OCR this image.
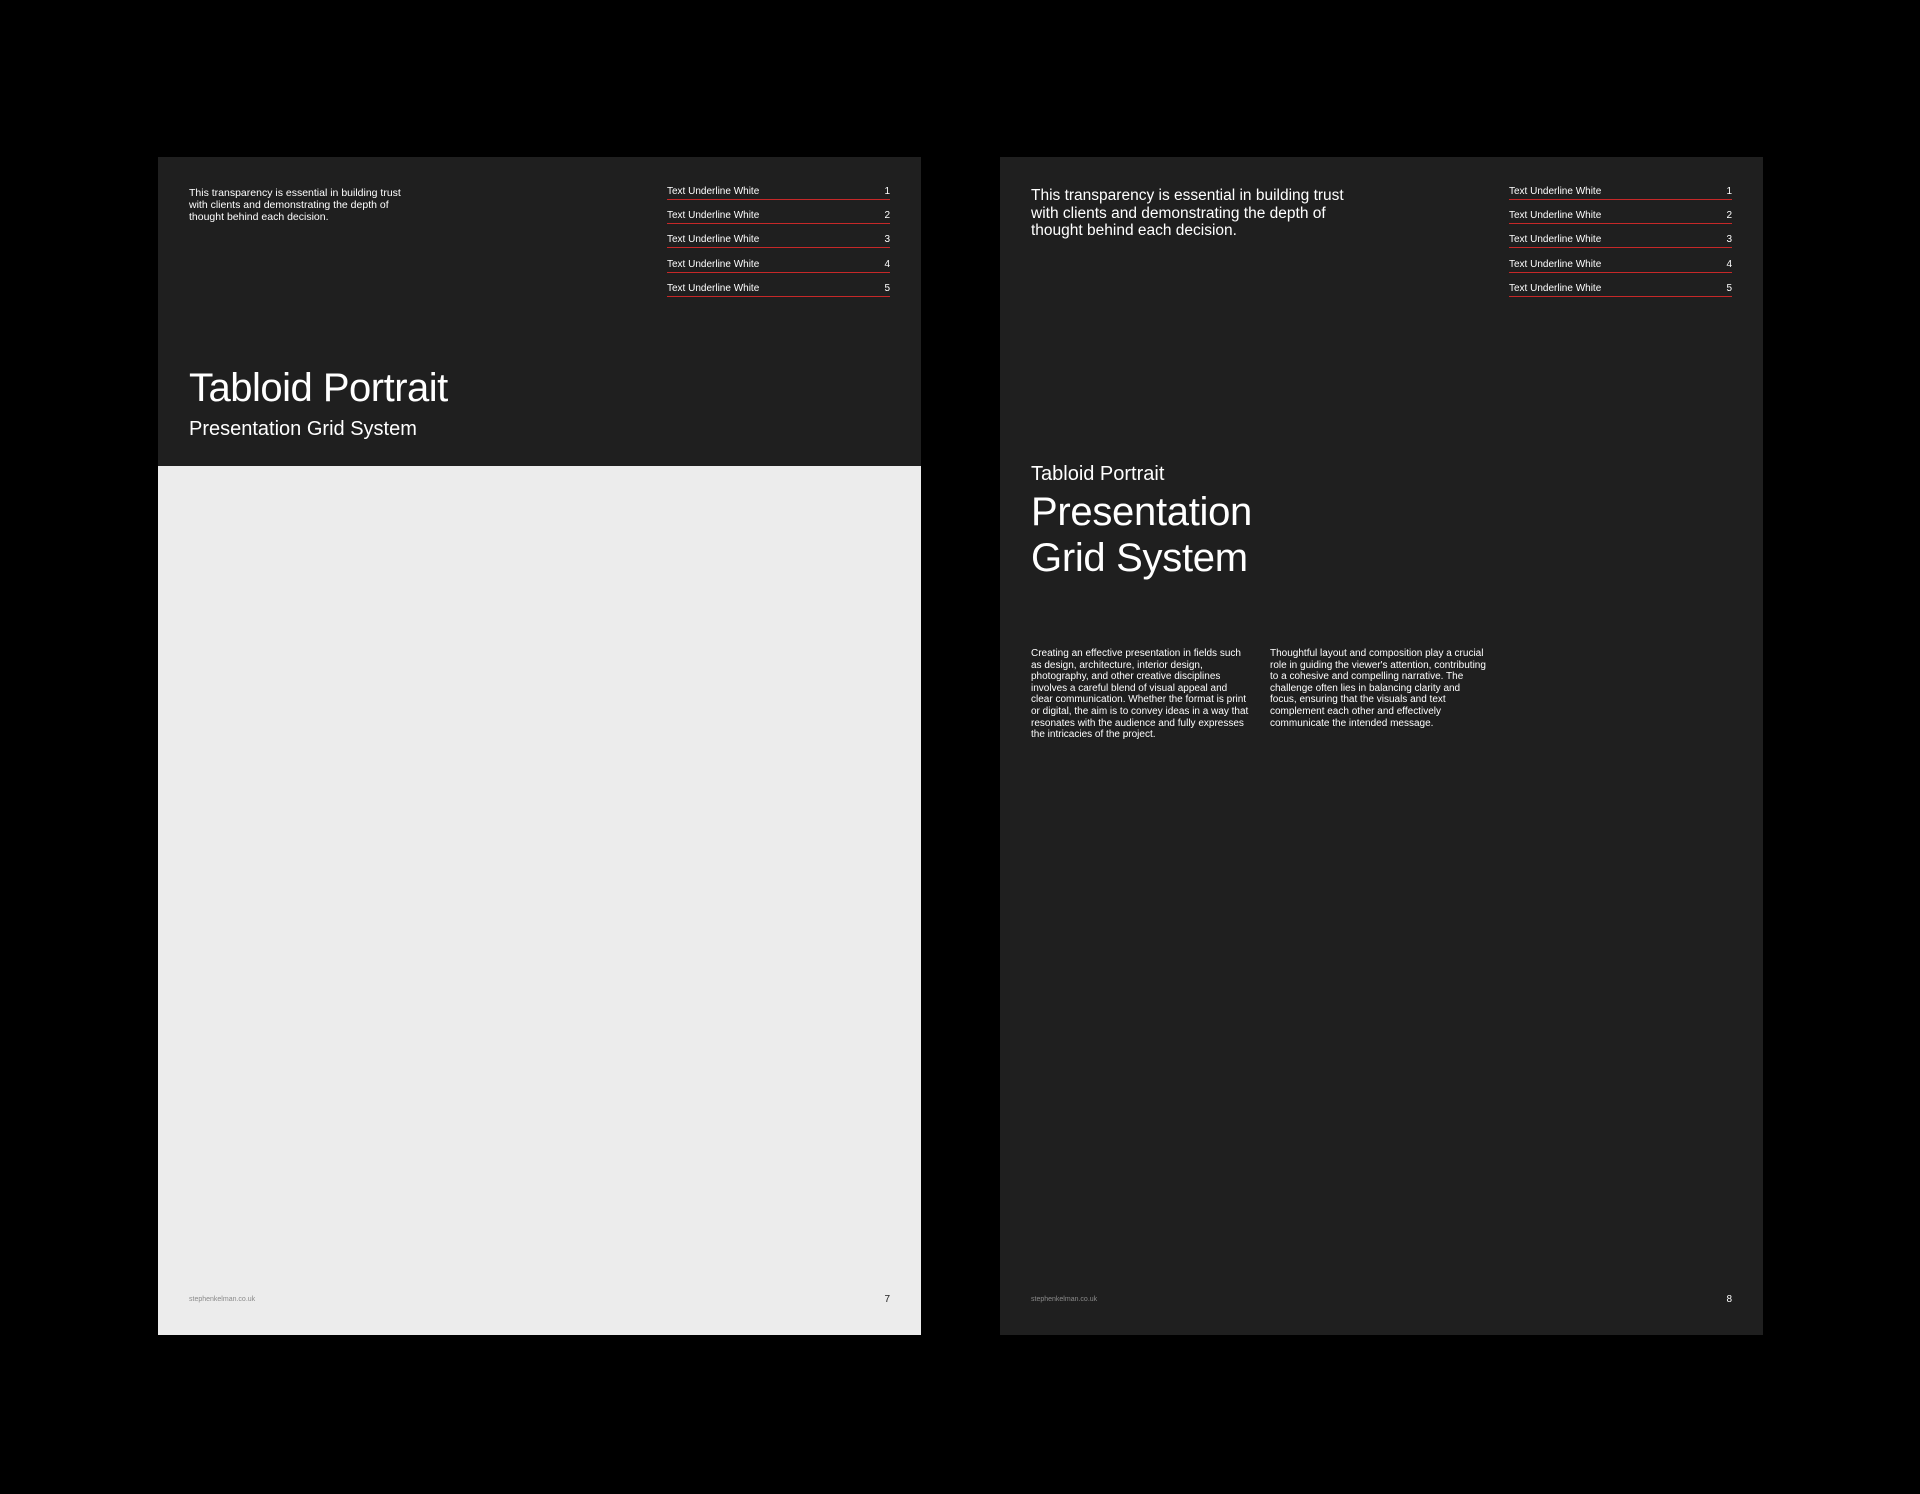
This transparency is essential in building trust with clients and demonstrating the depth of thought behind each decision.

Text Underline White	1
Text Underline White	2
Text Underline White	3
Text Underline White	4
Text Underline White	5
Tabloid Portrait
Presentation Grid System
stephenkelman.co.uk	7

This transparency is essential in building trust with clients and demonstrating the depth of thought behind each decision.

Text Underline White	1
Text Underline White	2
Text Underline White	3
Text Underline White	4
Text Underline White	5
Tabloid Portrait
Presentation
Grid System

Creating an effective presentation in fields such as design, architecture, interior design, photography, and other creative disciplines involves a careful blend of visual appeal and clear communication. Whether the format is print or digital, the aim is to convey ideas in a way that resonates with the audience and fully expresses the intricacies of the project.

Thoughtful layout and composition play a crucial role in guiding the viewer's attention, contributing to a cohesive and compelling narrative. The challenge often lies in balancing clarity and focus, ensuring that the visuals and text complement each other and effectively communicate the intended message.

stephenkelman.co.uk	8
